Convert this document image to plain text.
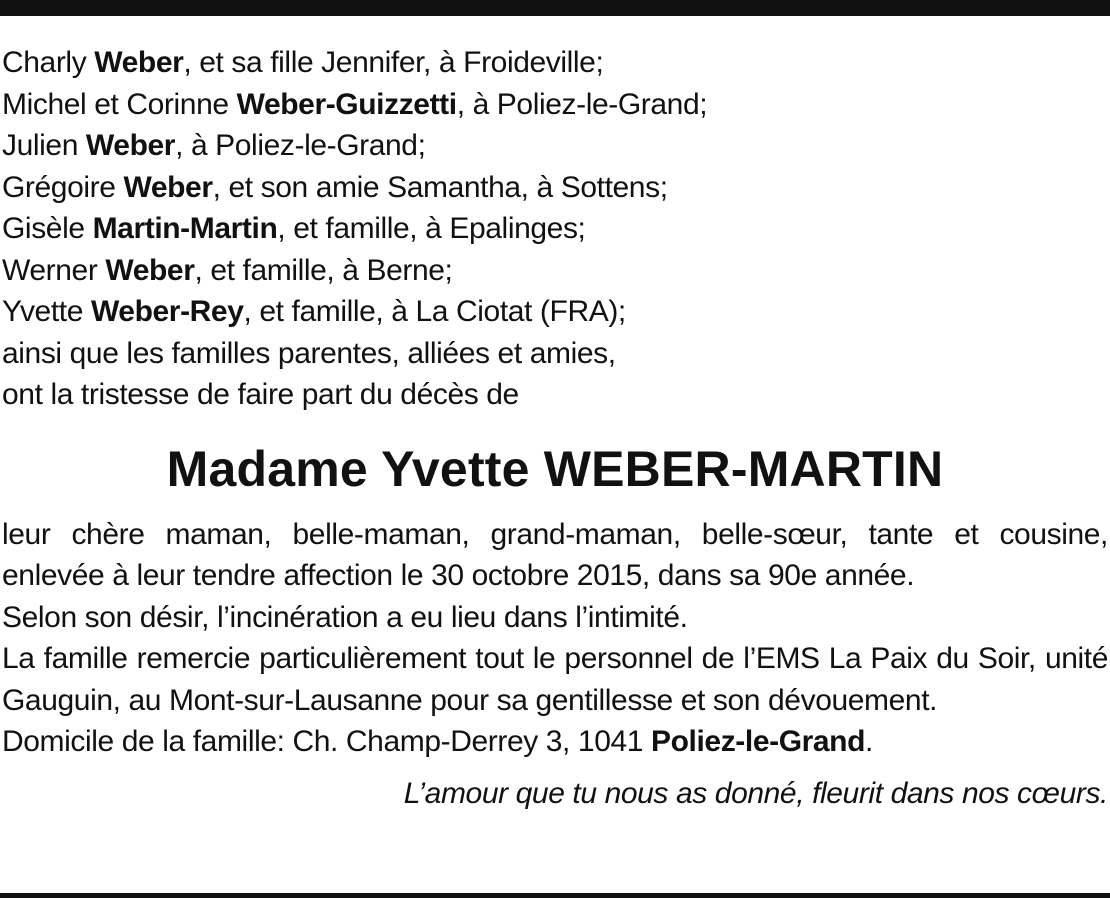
Charly Weber, et sa fille Jennifer, à Froideville;
Michel et Corinne Weber-Guizzetti, à Poliez-le-Grand;
Julien Weber, à Poliez-le-Grand;
Grégoire Weber, et son amie Samantha, à Sottens;
Gisèle Martin-Martin, et famille, à Epalinges;
Werner Weber, et famille, à Berne;
Yvette Weber-Rey, et famille, à La Ciotat (FRA);
ainsi que les familles parentes, alliées et amies,
ont la tristesse de faire part du décès de
Madame Yvette WEBER-MARTIN
leur chère maman, belle-maman, grand-maman, belle-sœur, tante et cousine, enlevée à leur tendre affection le 30 octobre 2015, dans sa 90e année.
Selon son désir, l’incinération a eu lieu dans l’intimité.
La famille remercie particulièrement tout le personnel de l’EMS La Paix du Soir, unité Gauguin, au Mont-sur-Lausanne pour sa gentillesse et son dévouement.
Domicile de la famille: Ch. Champ-Derrey 3, 1041 Poliez-le-Grand.
L’amour que tu nous as donné, fleurit dans nos cœurs.
